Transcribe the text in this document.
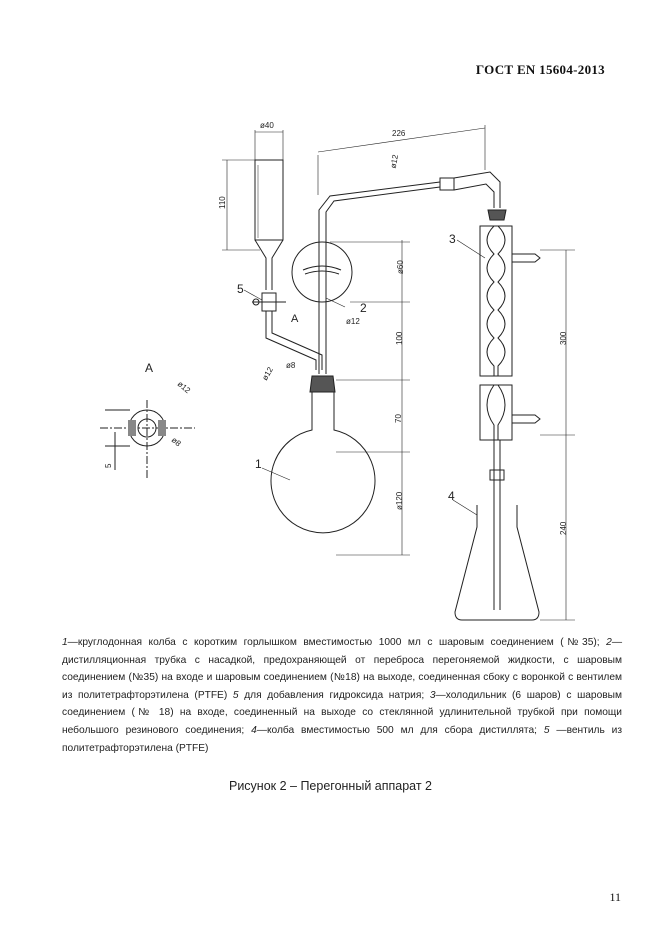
ГОСТ EN 15604-2013
1
2
3
4
5
A
A
ø40
110
226
ø12
ø60
ø12
100
ø12
ø8
70
ø120
300
240
ø12
ø8
5
1—круглодонная колба с коротким горлышком вместимостью 1000 мл с шаровым соединением (№35); 2—дистилляционная трубка с насадкой, предохраняющей от переброса перегоняемой жидкости, с шаровым соединением (№35) на входе и шаровым соединением (№18) на выходе, соединенная сбоку с воронкой с вентилем из политетрафторэтилена (PTFE) 5 для добавления гидроксида натрия; 3—холодильник (6 шаров) с шаровым соединением (№ 18) на входе, соединенный на выходе со стеклянной удлинительной трубкой при помощи небольшого резинового соединения; 4—колба вместимостью 500 мл для сбора дистиллята; 5 —вентиль из политетрафторэтилена (PTFE)
Рисунок 2 – Перегонный аппарат 2
11
